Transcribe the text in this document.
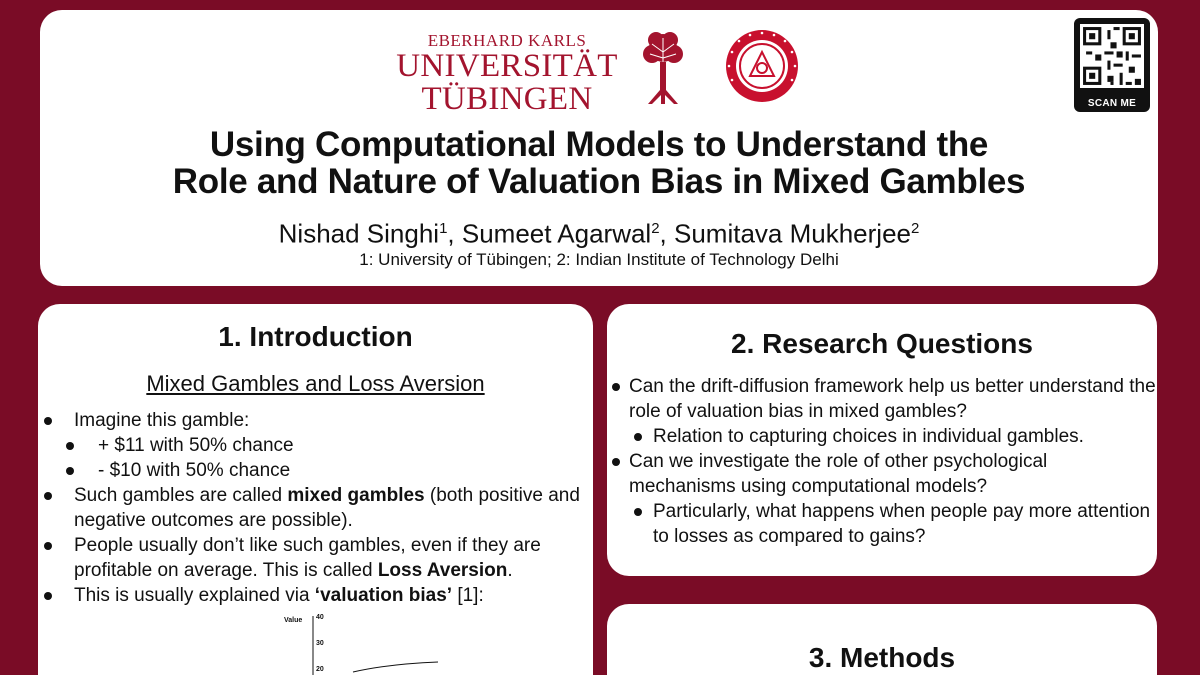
EBERHARD KARLS
UNIVERSITÄT
TÜBINGEN	SCAN ME
Using Computational Models to Understand the
Role and Nature of Valuation Bias in Mixed Gambles
Nishad Singhi$^1$, Sumeet Agarwal$^2$, Sumitava Mukherjee$^2$
1: University of Tübingen; 2: Indian Institute of Technology Delhi
1. Introduction
Mixed Gambles and Loss Aversion
Imagine this gamble:
+ $11 with 50% chance
- $10 with 50% chance
Such gambles are called mixed gambles (both positive and negative outcomes are possible).
People usually don’t like such gambles, even if they are profitable on average. This is called Loss Aversion.
This is usually explained via ‘valuation bias’ [1]:
Value 40
30
20
2. Research Questions
Can the drift-diffusion framework help us better understand the role of valuation bias in mixed gambles?
Relation to capturing choices in individual gambles.
Can we investigate the role of other psychological mechanisms using computational models?
Particularly, what happens when people pay more attention to losses as compared to gains?
3. Methods
